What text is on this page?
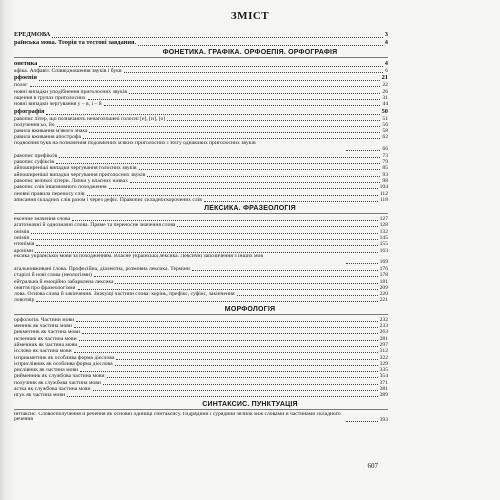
ЗМІСТ
ЕРЕДМОВА	3
раїнська мова. Теорія та тестові завдання.	4
ФОНЕТИКА. ГРАФІКА. ОРФОЕПІЯ. ОРФОГРАФІЯ
онетика	4
афіка. Алфавіт. Співвідношення звуків і букв	6
рфоепія	21
полог	22
новні випадки уподібнення приголосних звуків	26
ощення в групах приголосних	31
новні випадки чергування у – в, і – й	44
рфографія	50
равопис літер, що позначають ненаголошені голосні [е], [и], [о]	51
получення ьо, йо	56
равила вживання м'якого знака	58
равила вживання апострофа	62
подвоєння букв на позначення подовжених м'яких приголосних і збігу однакових приголосних звуків
66
равопис префіксів	73
равопис суфіксів	79
айпоширеніші випадки чергування голосних звуків	85
айпоширеніші випадки чергування приголосних звуків	93
равопис великої літери. Лапки у власних назвах	98
равопис слів іншомовного походження	104
оновні правила переносу слів	112
аписання складних слів разом і через дефіс. Правопис складноскорочених слів	118
ЛЕКСИКА. ФРАЗЕОЛОГІЯ
ексичне значення слова	127
агатозначні й однозначні слова. Пряме та переносне значення слова	128
онімія	132
онімія	145
нтонімія	155
ароніми	163
ексика української мови за походженням. Власне українська лексика. Лексичні запозичення з інших мов
169
агальновживані слова. Професійна, діалектна, розмовна лексика. Терміни	176
старілі й нові слова (неологізми)	178
ейтральна й емоційно забарвлена лексика	181
оняття про фразеологізми	209
лова. Основа слова й закінчення. Значущі частини слова: корінь, префікс, суфікс, закінчення	220
ловотвір	221
МОРФОЛОГІЯ
орфологія. Частини мови	232
менник як частина мови	233
рикметник як частина мови	263
исленник як частина мови	281
айменник як частина мови	297
ієслово як частина мови	312
ієприкметник як особлива форма дієслова	322
ієприслівник як особлива форма дієслова	329
рислівник як частина мови	335
рийменник як службова частина мови	354
получник як службова частина мови	371
астка як службова частина мови	381
игук як частина мови	389
СИНТАКСИС. ПУНКТУАЦІЯ
интаксис. Словосполучення й речення як основні одиниці синтаксису. Підрядний і сурядний зв'язок між словами й частинами складного речення	393
607
